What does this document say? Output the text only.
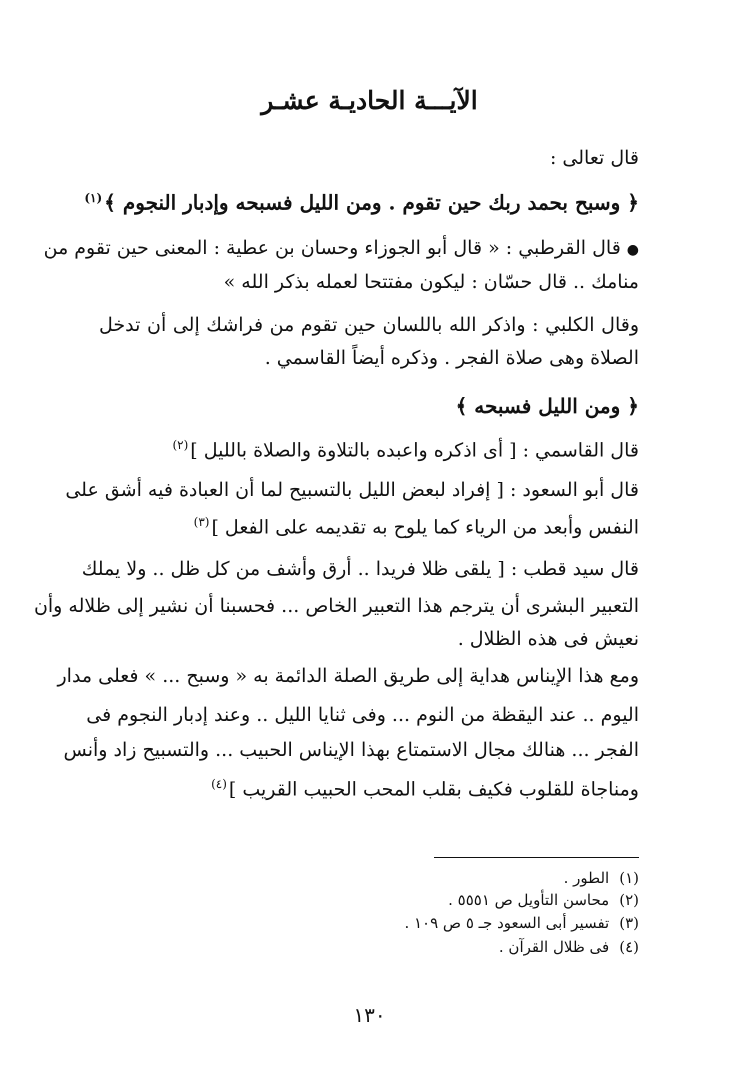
الآيـــة الحاديـة عشـر
قال تعالى :
﴿ وسبح بحمد ربك حين تقوم . ومن الليل فسبحه وإدبار النجوم ﴾$^{(١)}$
●قال القرطبي : « قال أبو الجوزاء وحسان بن عطية : المعنى حين تقوم من
منامك .. قال حسّان : ليكون مفتتحا لعمله بذكر الله »
وقال الكلبي : واذكر الله باللسان حين تقوم من فراشك إلى أن تدخل
الصلاة وهى صلاة الفجر . وذكره أيضاً القاسمي .
﴿ ومن الليل فسبحه ﴾
قال القاسمي : [ أى اذكره واعبده بالتلاوة والصلاة بالليل ]$^{(٢)}$
قال أبو السعود : [ إفراد لبعض الليل بالتسبيح لما أن العبادة فيه أشق على
النفس وأبعد من الرياء كما يلوح به تقديمه على الفعل ]$^{(٣)}$
قال سيد قطب : [ يلقى ظلا فريدا .. أرق وأشف من كل ظل .. ولا يملك
التعبير البشرى أن يترجم هذا التعبير الخاص ... فحسبنا أن نشير إلى ظلاله وأن
نعيش فى هذه الظلال .
ومع هذا الإيناس هداية إلى طريق الصلة الدائمة به « وسبح ... » فعلى مدار
اليوم .. عند اليقظة من النوم ... وفى ثنايا الليل .. وعند إدبار النجوم فى
الفجر ... هنالك مجال الاستمتاع بهذا الإيناس الحبيب ... والتسبيح زاد وأنس
ومناجاة للقلوب فكيف بقلب المحب الحبيب القريب ]$^{(٤)}$
(١)الطور .
(٢)محاسن التأويل ص ٥٥٥١ .
(٣)تفسير أبى السعود جـ ٥ ص ١٠٩ .
(٤)فى ظلال القرآن .
١٣٠
